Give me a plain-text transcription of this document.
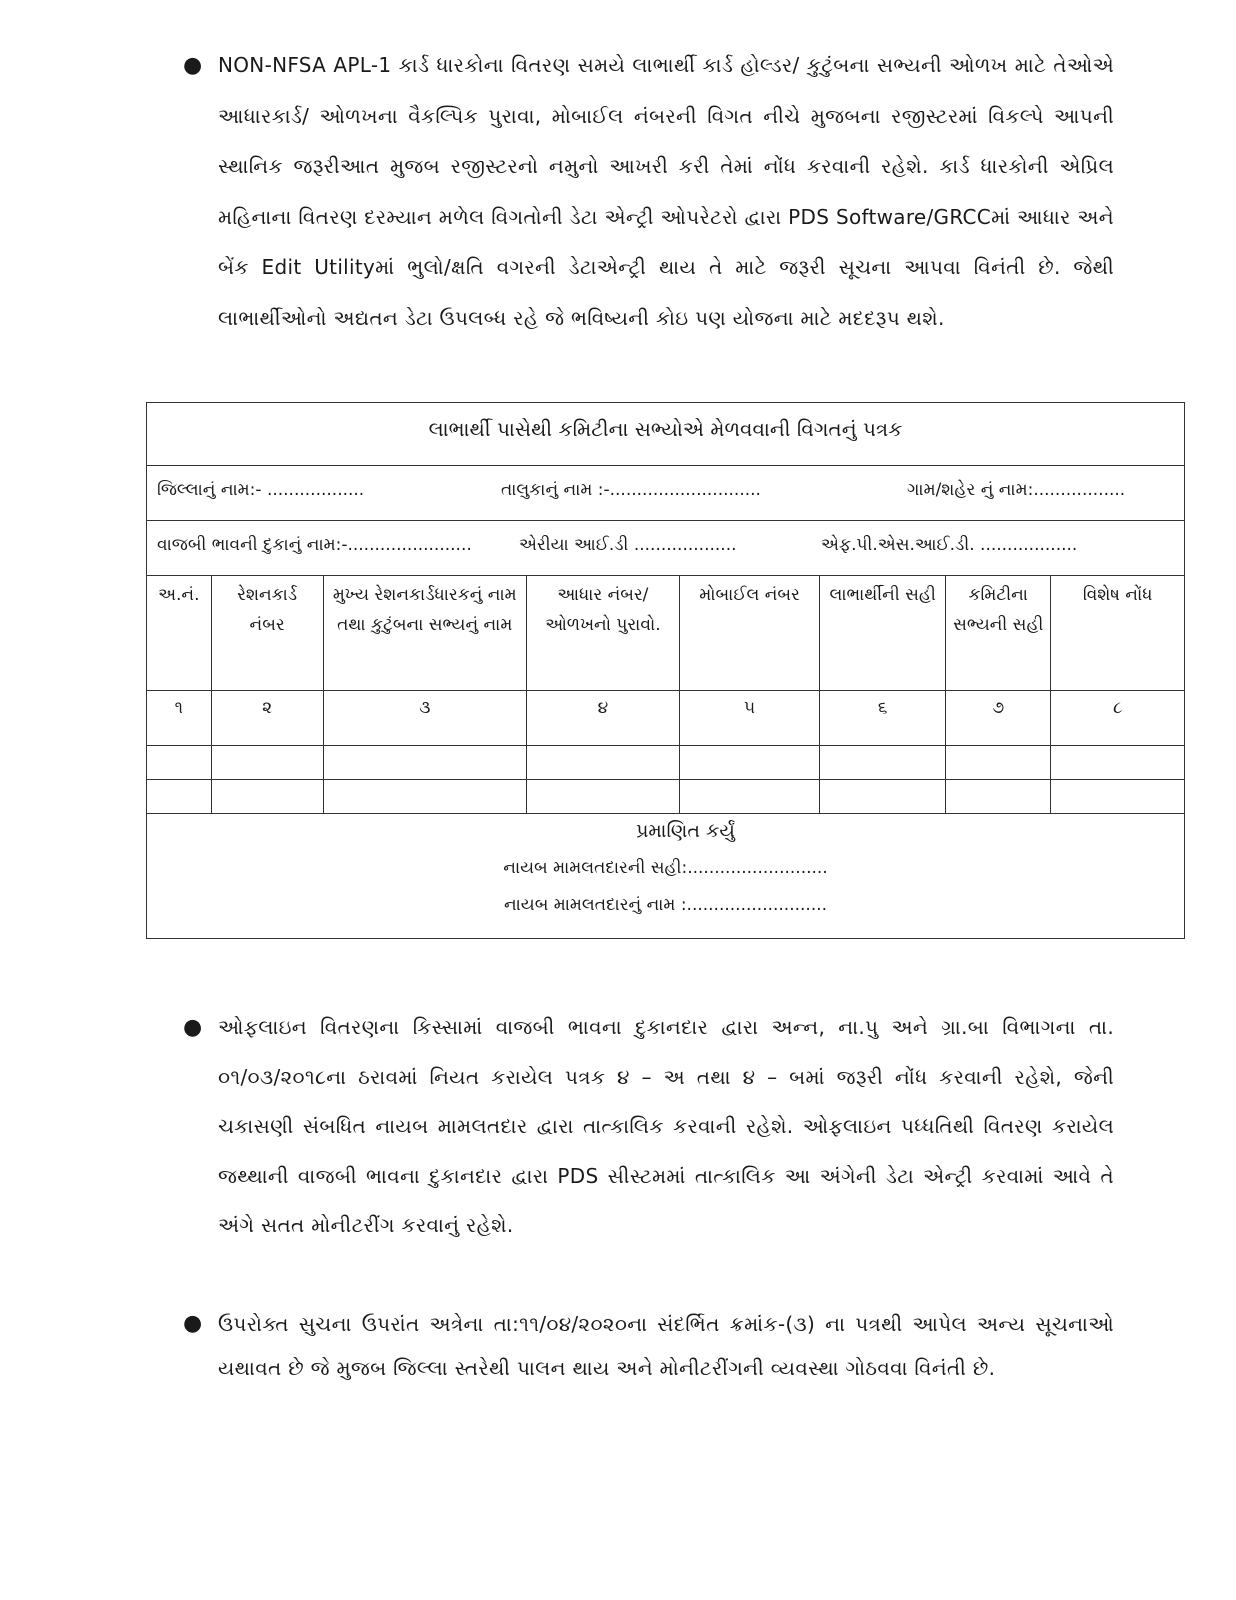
● NON-NFSA APL-1 કાર્ડ ધારકોના વિતરણ સમયે લાભાર્થી કાર્ડ હોલ્ડર/ કુટુંબના સભ્યની ઓળખ માટે તેઓએ આધારકાર્ડ/ ઓળખના વૈકલ્પિક પુરાવા, મોબાઈલ નંબરની વિગત નીચે મુજબના રજીસ્ટરમાં વિકલ્પે આપની સ્થાનિક જરૂરીઆત મુજબ રજીસ્ટરનો નમુનો આખરી કરી તેમાં નોંધ કરવાની રહેશે. કાર્ડ ધારકોની એપ્રિલ મહિનાના વિતરણ દરમ્યાન મળેલ વિગતોની ડેટા એન્ટ્રી ઓપરેટરો દ્વારા PDS Software/GRCCમાં આધાર અને બેંક Edit Utilityમાં ભુલો/ક્ષતિ વગરની ડેટાએન્ટ્રી થાય તે માટે જરૂરી સૂચના આપવા વિનંતી છે. જેથી લાભાર્થીઓનો અદ્યતન ડેટા ઉપલબ્ધ રહે જે ભવિષ્યની કોઇ પણ યોજના માટે મદદરૂપ થશે.
લાભાર્થી પાસેથી કમિટીના સભ્યોએ મેળવવાની વિગતનું પત્રક
જિલ્લાનું નામ:- ..................	તાલુકાનું નામ :-............................	ગામ/શહેર નું નામ:.................
વાજબી ભાવની દુકાનું નામ:-.......................	એરીયા આઈ.ડી ...................	એફ.પી.એસ.આઈ.ડી. ..................
અ.નં.	રેશનકાર્ડ નંબર	મુખ્ય રેશનકાર્ડધારકનું નામ તથા કુટુંબના સભ્યનું નામ	આધાર નંબર/ઓળખનો પુરાવો.	મોબાઈલ નંબર	લાભાર્થીની સહી	કમિટીના સભ્યની સહી	વિશેષ નોંધ
૧	૨	૩	૪	૫	૬	૭	૮

પ્રમાણિત કર્યું
નાયબ મામલતદારની સહી:..........................
નાયબ મામલતદારનું નામ :..........................
● ઓફલાઇન વિતરણના કિસ્સામાં વાજબી ભાવના દુકાનદાર દ્વારા અન્ન, ના.પુ અને ગ્રા.બા વિભાગના તા. ૦૧/૦૩/૨૦૧૮ના ઠરાવમાં નિયત કરાયેલ પત્રક ૪ – અ તથા ૪ – બમાં જરૂરી નોંધ કરવાની રહેશે, જેની ચકાસણી સંબધિત નાયબ મામલતદાર દ્વારા તાત્કાલિક કરવાની રહેશે. ઓફલાઇન પધ્ધતિથી વિતરણ કરાયેલ જથ્થાની વાજબી ભાવના દુકાનદાર દ્વારા PDS સીસ્ટમમાં તાત્કાલિક આ અંગેની ડેટા એન્ટ્રી કરવામાં આવે તે અંગે સતત મોનીટરીંગ કરવાનું રહેશે.
● ઉપરોક્ત સુચના ઉપરાંત અત્રેના તા:૧૧/૦૪/૨૦૨૦ના સંદર્ભિત ક્રમાંક-(૩) ના પત્રથી આપેલ અન્ય સૂચનાઓ યથાવત છે જે મુજબ જિલ્લા સ્તરેથી પાલન થાય અને મોનીટરીંગની વ્યવસ્થા ગોઠવવા વિનંતી છે.
